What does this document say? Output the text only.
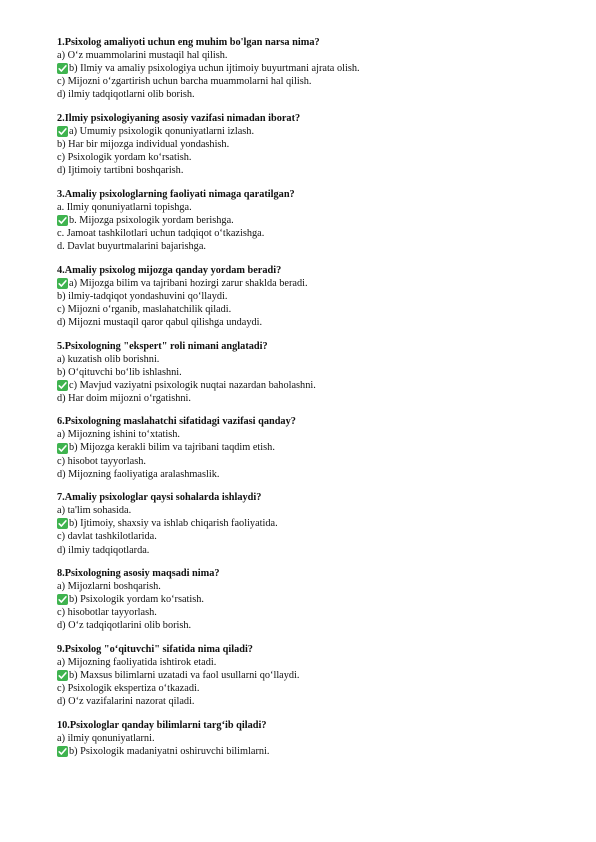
1.Psixolog amaliyoti uchun eng muhim bo'lgan narsa nima?
a) O‘z muammolarini mustaqil hal qilish.
b) Ilmiy va amaliy psixologiya uchun ijtimoiy buyurtmani ajrata olish.
c) Mijozni o‘zgartirish uchun barcha muammolarni hal qilish.
d) ilmiy tadqiqotlarni olib borish.
2.Ilmiy psixologiyaning asosiy vazifasi nimadan iborat?
a) Umumiy psixologik qonuniyatlarni izlash.
b) Har bir mijozga individual yondashish.
c) Psixologik yordam ko‘rsatish.
d) Ijtimoiy tartibni boshqarish.
3.Amaliy psixologlarning faoliyati nimaga qaratilgan?
a. Ilmiy qonuniyatlarni topishga.
b. Mijozga psixologik yordam berishga.
c. Jamoat tashkilotlari uchun tadqiqot o‘tkazishga.
d. Davlat buyurtmalarini bajarishga.
4.Amaliy psixolog mijozga qanday yordam beradi?
a) Mijozga bilim va tajribani hozirgi zarur shaklda beradi.
b) ilmiy-tadqiqot yondashuvini qo‘llaydi.
c) Mijozni o‘rganib, maslahatchilik qiladi.
d) Mijozni mustaqil qaror qabul qilishga undaydi.
5.Psixologning "ekspert" roli nimani anglatadi?
a) kuzatish olib borishni.
b) O‘qituvchi bo‘lib ishlashni.
c) Mavjud vaziyatni psixologik nuqtai nazardan baholashni.
d) Har doim mijozni o‘rgatishni.
6.Psixologning maslahatchi sifatidagi vazifasi qanday?
a) Mijozning ishini to‘xtatish.
b) Mijozga kerakli bilim va tajribani taqdim etish.
c) hisobot tayyorlash.
d) Mijozning faoliyatiga aralashmaslik.
7.Amaliy psixologlar qaysi sohalarda ishlaydi?
a) ta'lim sohasida.
b) Ijtimoiy, shaxsiy va ishlab chiqarish faoliyatida.
c) davlat tashkilotlarida.
d) ilmiy tadqiqotlarda.
8.Psixologning asosiy maqsadi nima?
a) Mijozlarni boshqarish.
b) Psixologik yordam ko‘rsatish.
c) hisobotlar tayyorlash.
d) O‘z tadqiqotlarini olib borish.
9.Psixolog "o‘qituvchi" sifatida nima qiladi?
a) Mijozning faoliyatida ishtirok etadi.
b) Maxsus bilimlarni uzatadi va faol usullarni qo‘llaydi.
c) Psixologik ekspertiza o‘tkazadi.
d) O‘z vazifalarini nazorat qiladi.
10.Psixologlar qanday bilimlarni targ‘ib qiladi?
a) ilmiy qonuniyatlarni.
b) Psixologik madaniyatni oshiruvchi bilimlarni.
